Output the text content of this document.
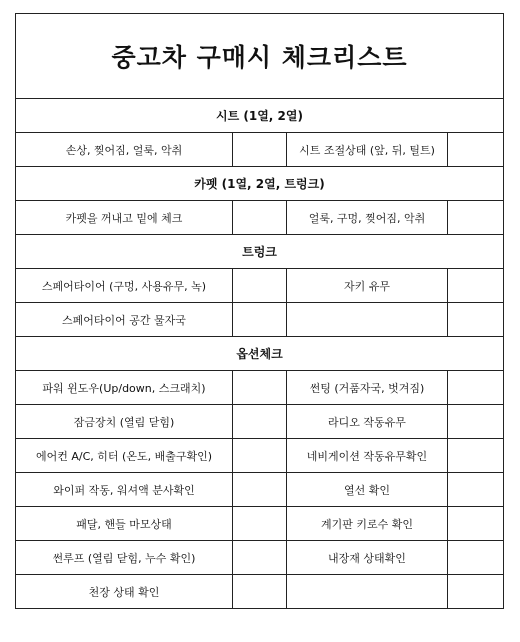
중고차 구매시 체크리스트			
시트 (1열, 2열)			
손상, 찢어짐, 얼룩, 악취		시트 조절상태 (앞, 뒤, 틸트)	
카펫 (1열, 2열, 트렁크)			
카펫을 꺼내고 밑에 체크		얼룩, 구멍, 찢어짐, 악취	
트렁크			
스페어타이어 (구멍, 사용유무, 녹)		자키 유무	
스페어타이어 공간 물자국			
옵션체크			
파워 윈도우(Up/down, 스크래치)		썬팅 (거품자국, 벗겨짐)	
잠금장치 (열림 닫힘)		라디오 작동유무	
에어컨 A/C, 히터 (온도, 배출구확인)		네비게이션 작동유무확인	
와이퍼 작동, 워셔액 분사확인		열선 확인	
패달, 핸들 마모상태		계기판 키로수 확인	
썬루프 (열림 닫힘, 누수 확인)		내장재 상태확인	
천장 상태 확인			
